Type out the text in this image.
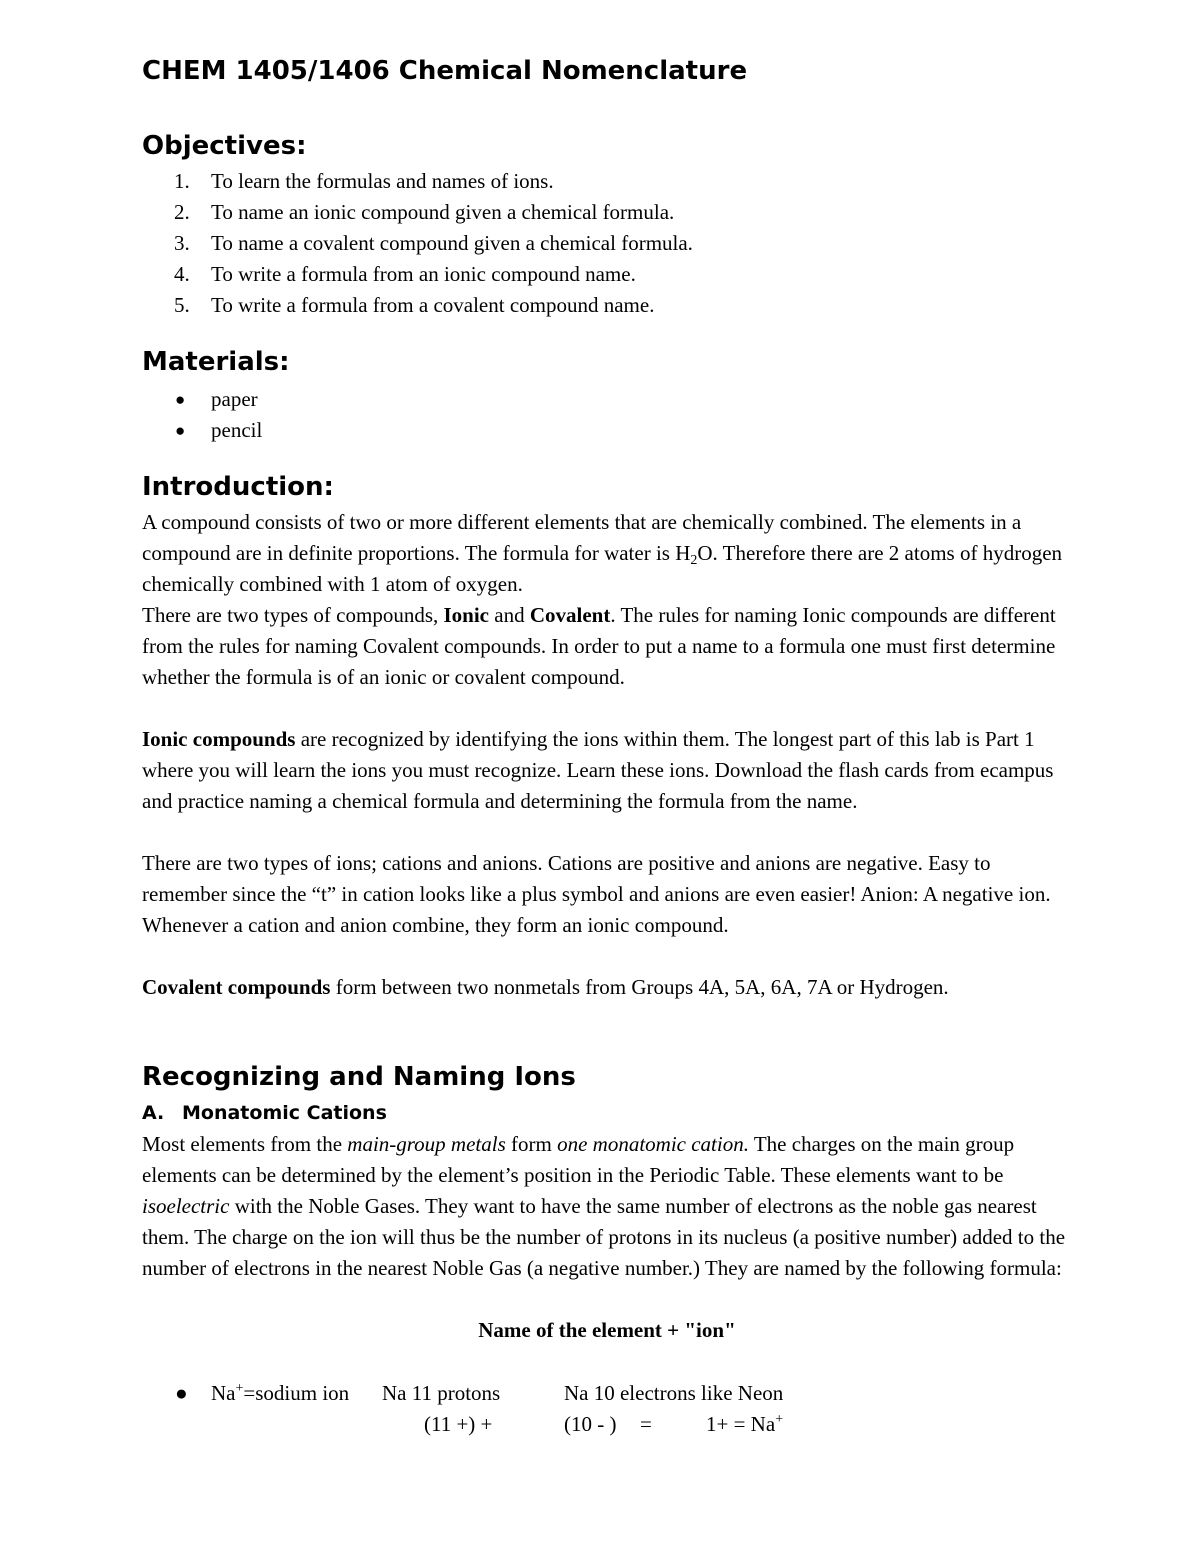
CHEM 1405/1406 Chemical Nomenclature
Objectives:
1. To learn the formulas and names of ions.
2. To name an ionic compound given a chemical formula.
3. To name a covalent compound given a chemical formula.
4. To write a formula from an ionic compound name.
5. To write a formula from a covalent compound name.
Materials:
● paper
● pencil
Introduction:

A compound consists of two or more different elements that are chemically combined. The elements in a compound are in definite proportions. The formula for water is $H_2O$. Therefore there are 2 atoms of hydrogen chemically combined with 1 atom of oxygen.

There are two types of compounds, Ionic and Covalent. The rules for naming Ionic compounds are different from the rules for naming Covalent compounds. In order to put a name to a formula one must first determine whether the formula is of an ionic or covalent compound.

Ionic compounds are recognized by identifying the ions within them. The longest part of this lab is Part 1 where you will learn the ions you must recognize. Learn these ions. Download the flash cards from ecampus and practice naming a chemical formula and determining the formula from the name.

There are two types of ions; cations and anions. Cations are positive and anions are negative. Easy to remember since the “t” in cation looks like a plus symbol and anions are even easier! Anion: A negative ion. Whenever a cation and anion combine, they form an ionic compound.

Covalent compounds form between two nonmetals from Groups 4A, 5A, 6A, 7A or Hydrogen.

Recognizing and Naming Ions
A. Monatomic Cations

Most elements from the main-group metals form one monatomic cation. The charges on the main group elements can be determined by the element’s position in the Periodic Table. These elements want to be isoelectric with the Noble Gases. They want to have the same number of electrons as the noble gas nearest them. The charge on the ion will thus be the number of protons in its nucleus (a positive number) added to the number of electrons in the nearest Noble Gas (a negative number.) They are named by the following formula:

Name of the element + "ion"

● Na+=sodium ion Na 11 protons	Na 10 electrons like Neon
(11 +) +	(10 - ) =	1+ = Na+
